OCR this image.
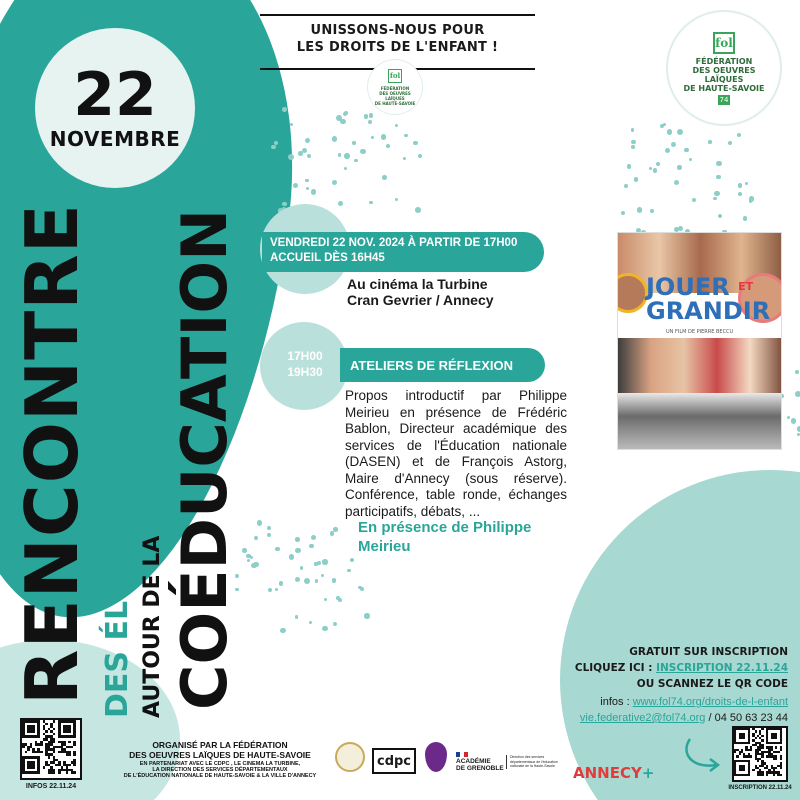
22
NOVEMBRE
RENCONTRE DES ÉLUS & PARTENAIRES AUTOUR DE LA COÉDUCATION
UNISSONS-NOUS POUR
LES DROITS DE L'ENFANT !
fol
FÉDÉRATION
DES OEUVRES
LAÏQUES
DE HAUTE-SAVOIE
fol
FÉDÉRATION
DES OEUVRES
LAÏQUES
DE HAUTE-SAVOIE
74
VENDREDI 22 NOV. 2024 À PARTIR DE 17H00
ACCUEIL DÈS 16H45
Au cinéma la Turbine
Cran Gevrier / Annecy
ATELIERS DE RÉFLEXION
17H00
19H30
Propos introductif par Philippe Meirieu en présence de Frédéric Bablon, Directeur académique des services de l'Éducation nationale (DASEN) et de François Astorg, Maire d'Annecy (sous réserve). Conférence, table ronde, échanges participatifs, débats, ...
En présence de Philippe
Meirieu
JOUER $^{ET}$
GRANDIR
UN FILM DE PIERRE BECCU
GRATUIT SUR INSCRIPTION
CLIQUEZ ICI : INSCRIPTION 22.11.24
OU SCANNEZ LE QR CODE
infos : www.fol74.org/droits-de-l-enfant
vie.federative2@fol74.org / 04 50 63 23 44
INFOS 22.11.24	INSCRIPTION 22.11.24
ORGANISÉ PAR LA FÉDÉRATION
DES OEUVRES LAÏQUES DE HAUTE-SAVOIE
EN PARTENARIAT AVEC LE CDPC , LE CINEMA LA TURBINE,
LA DIRECTION DES SERVICES DÉPARTEMENTAUX
DE L'ÉDUCATION NATIONALE DE HAUTE-SAVOIE & LA VILLE D'ANNECY
cdpc	ACADÉMIE
DE GRENOBLE
Direction des services départementaux de l'éducation nationale de la Haute-Savoie	ANNECY+
